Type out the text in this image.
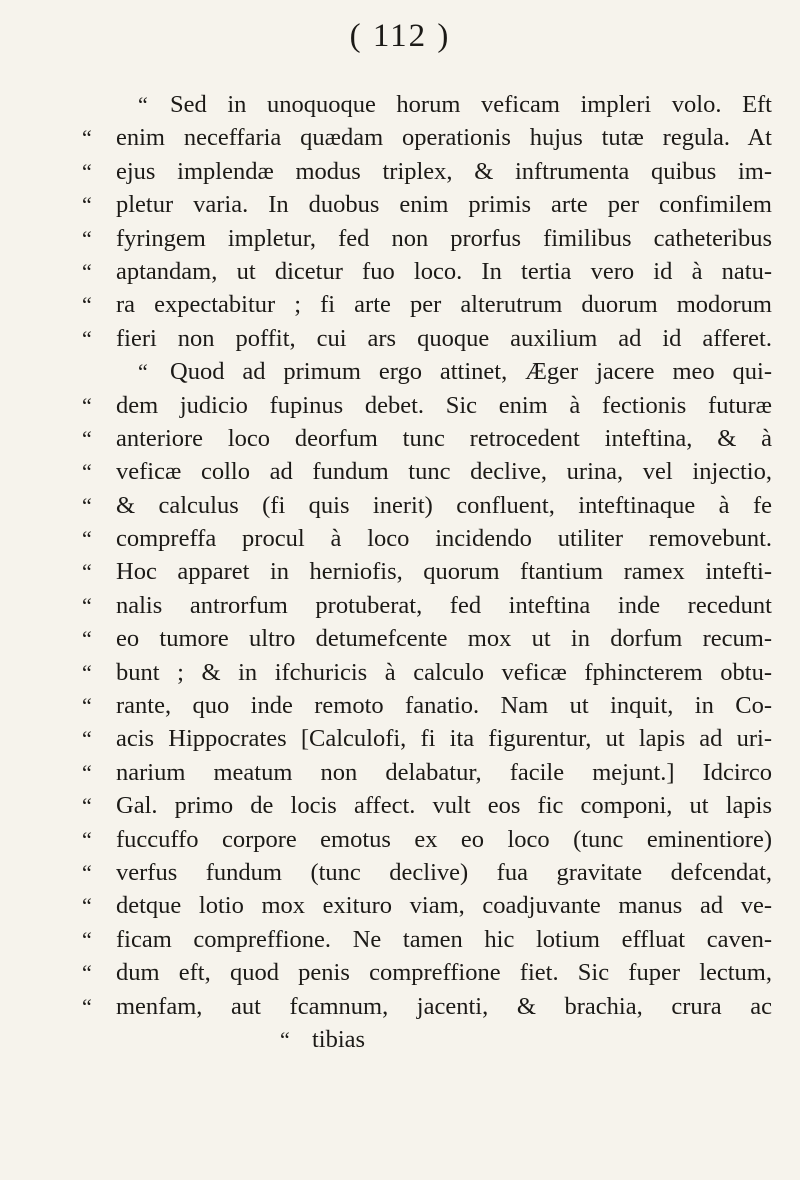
( 112 )
“ Sed in unoquoque horum veficam impleri volo. Eft
“ enim neceffaria quædam operationis hujus tutæ regula. At
“ ejus implendæ modus triplex, & inftrumenta quibus im-
“ pletur varia. In duobus enim primis arte per confimilem
“ fyringem impletur, fed non prorfus fimilibus catheteribus
“ aptandam, ut dicetur fuo loco. In tertia vero id à natu-
“ ra expectabitur ; fi arte per alterutrum duorum modorum
“ fieri non poffit, cui ars quoque auxilium ad id afferet.
“ Quod ad primum ergo attinet, Æger jacere meo qui-
“ dem judicio fupinus debet. Sic enim à fectionis futuræ
“ anteriore loco deorfum tunc retrocedent inteftina, & à
“ veficæ collo ad fundum tunc declive, urina, vel injectio,
“ & calculus (fi quis inerit) confluent, inteftinaque à fe
“ compreffa procul à loco incidendo utiliter removebunt.
“ Hoc apparet in herniofis, quorum ftantium ramex intefti-
“ nalis antrorfum protuberat, fed inteftina inde recedunt
“ eo tumore ultro detumefcente mox ut in dorfum recum-
“ bunt ; & in ifchuricis à calculo veficæ fphincterem obtu-
“ rante, quo inde remoto fanatio. Nam ut inquit, in Co-
“ acis Hippocrates [Calculofi, fi ita figurentur, ut lapis ad uri-
“ narium meatum non delabatur, facile mejunt.] Idcirco
“ Gal. primo de locis affect. vult eos fic componi, ut lapis
“ fuccuffo corpore emotus ex eo loco (tunc eminentiore)
“ verfus fundum (tunc declive) fua gravitate defcendat,
“ detque lotio mox exituro viam, coadjuvante manus ad ve-
“ ficam compreffione. Ne tamen hic lotium effluat caven-
“ dum eft, quod penis compreffione fiet. Sic fuper lectum,
“ menfam, aut fcamnum, jacenti, & brachia, crura ac
“ tibias
